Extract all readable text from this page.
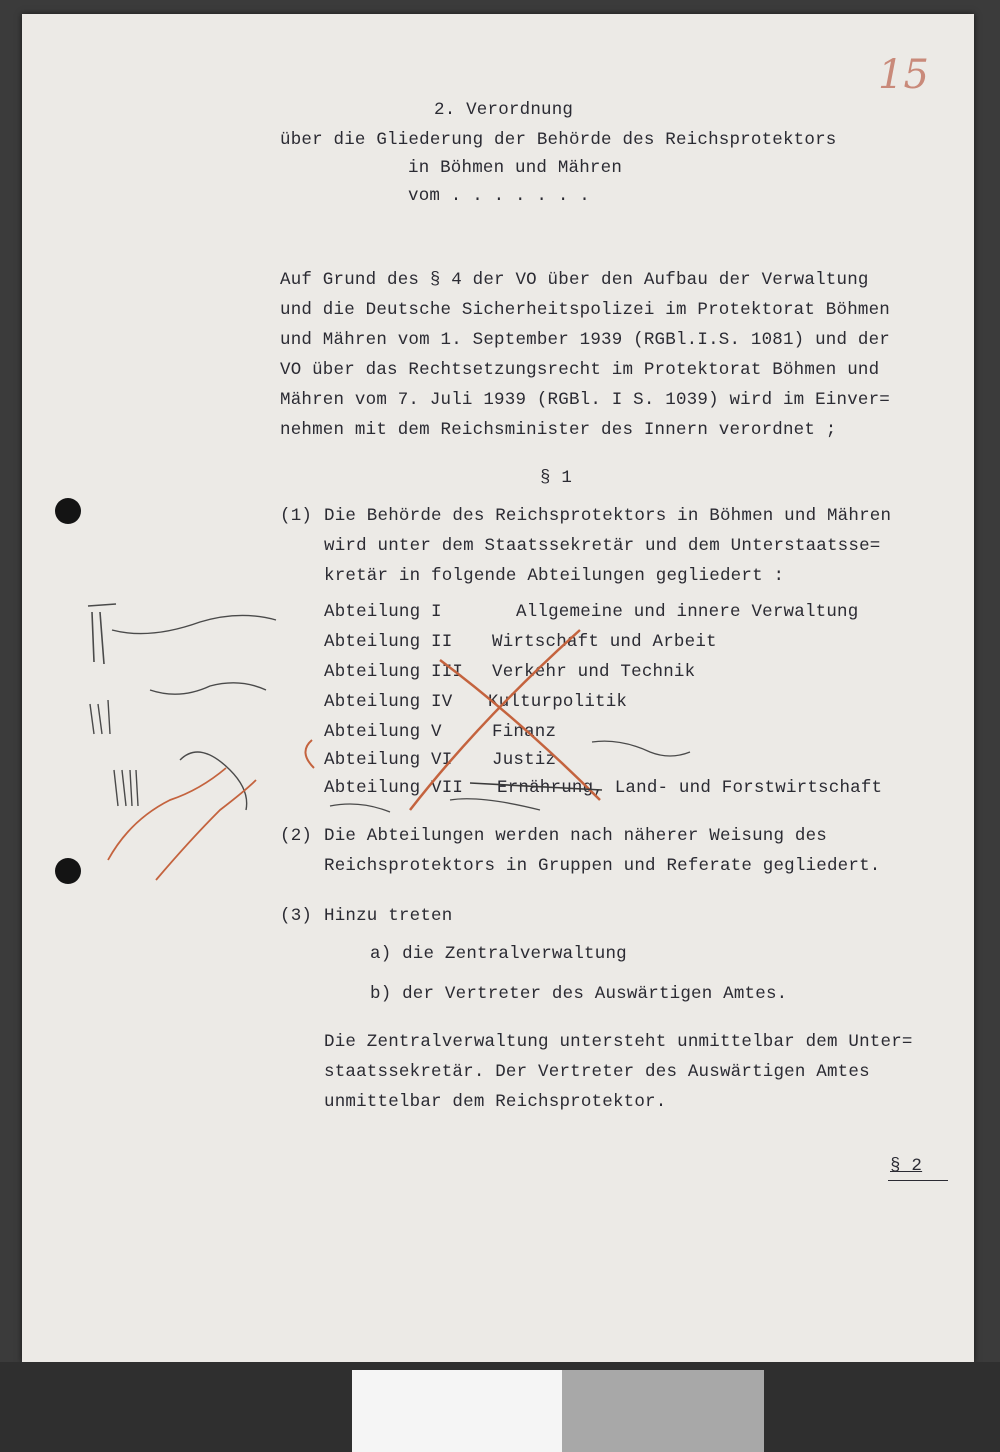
15
2. Verordnung
über die Gliederung der Behörde des Reichsprotektors
in Böhmen und Mähren
vom . . . . . . .
Auf Grund des § 4 der VO über den Aufbau der Verwaltung
und die Deutsche Sicherheitspolizei im Protektorat Böhmen
und Mähren vom 1. September 1939 (RGBl.I.S. 1081) und der
VO über das Rechtsetzungsrecht im Protektorat Böhmen und
Mähren vom 7. Juli 1939 (RGBl. I S. 1039) wird im Einver=
nehmen mit dem Reichsminister des Innern verordnet ;
§ 1
(1) Die Behörde des Reichsprotektors in Böhmen und Mähren
wird unter dem Staatssekretär und dem Unterstaatsse=
kretär in folgende Abteilungen gegliedert :
Abteilung I	Allgemeine und innere Verwaltung
Abteilung II Wirtschaft und Arbeit
Abteilung III Verkehr und Technik
Abteilung IV Kulturpolitik
Abteilung V	Finanz
Abteilung VI Justiz
Abteilung VII Ernährung, Land- und Forstwirtschaft
(2) Die Abteilungen werden nach näherer Weisung des
Reichsprotektors in Gruppen und Referate gegliedert.
(3) Hinzu treten
a) die Zentralverwaltung
b) der Vertreter des Auswärtigen Amtes.
Die Zentralverwaltung untersteht unmittelbar dem Unter=
staatssekretär. Der Vertreter des Auswärtigen Amtes
unmittelbar dem Reichsprotektor.
§ 2
